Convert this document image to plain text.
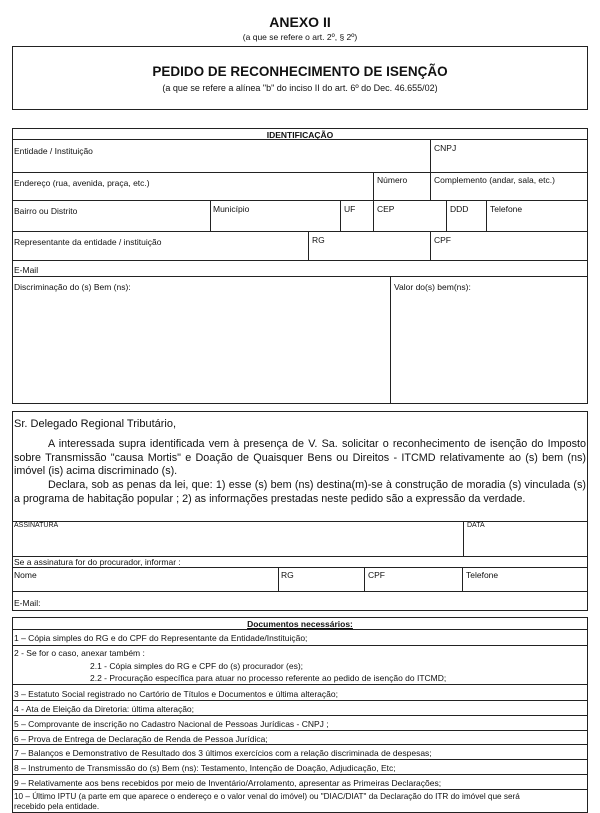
ANEXO II
(a que se refere o art. 2º, § 2º)
PEDIDO DE RECONHECIMENTO DE ISENÇÃO
(a que se refere a alínea "b" do inciso II do art. 6º do Dec. 46.655/02)
IDENTIFICAÇÃO
Entidade / Instituição	CNPJ
Endereço (rua, avenida, praça, etc.)	Número	Complemento (andar, sala, etc.)
Bairro ou Distrito	Município	UF	CEP	DDD	Telefone
Representante da entidade / instituição	RG	CPF
E-Mail
Discriminação do (s) Bem (ns):	Valor do(s) bem(ns):
Sr. Delegado Regional Tributário,
A interessada supra identificada vem à presença de V. Sa. solicitar o reconhecimento de isenção do Imposto sobre Transmissão "causa Mortis" e Doação de Quaisquer Bens ou Direitos - ITCMD relativamente ao (s) bem (ns) imóvel (is) acima discriminado (s).
Declara, sob as penas da lei, que: 1) esse (s) bem (ns) destina(m)-se à construção de moradia (s) vinculada (s) a programa de habitação popular ; 2) as informações prestadas neste pedido são a expressão da verdade.
ASSINATURA	DATA
Se a assinatura for do procurador, informar :
Nome	RG	CPF	Telefone
E-Mail:
Documentos necessários:
1 – Cópia simples do RG e do CPF do Representante da Entidade/Instituição;
2 - Se for o caso, anexar também :
2.1 - Cópia simples do RG e CPF do (s) procurador (es);
2.2 - Procuração específica para atuar no processo referente ao pedido de isenção do ITCMD;
3 – Estatuto Social registrado no Cartório de Títulos e Documentos e última alteração;
4 - Ata de Eleição da Diretoria: última alteração;
5 – Comprovante de inscrição no Cadastro Nacional de Pessoas Jurídicas - CNPJ ;
6 – Prova de Entrega de Declaração de Renda de Pessoa Jurídica;
7 – Balanços e Demonstrativo de Resultado dos 3 últimos exercícios com a relação discriminada de despesas;
8 – Instrumento de Transmissão do (s) Bem (ns): Testamento, Intenção de Doação, Adjudicação, Etc;
9 – Relativamente aos bens recebidos por meio de Inventário/Arrolamento, apresentar as Primeiras Declarações;
10 – Último IPTU (a parte em que aparece o endereço e o valor venal do imóvel) ou "DIAC/DIAT" da Declaração do ITR do imóvel que será
recebido pela entidade.
